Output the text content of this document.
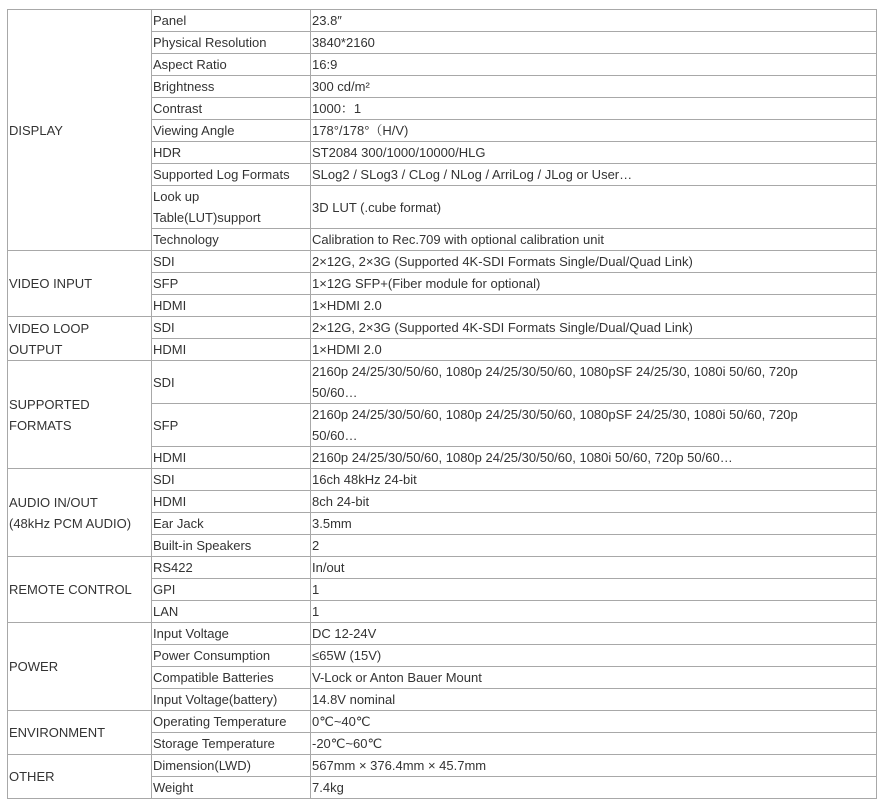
DISPLAY	Panel	23.8″
	Physical Resolution	3840*2160
	Aspect Ratio	16:9
	Brightness	300 cd/m²
	Contrast	1000：1
	Viewing Angle	178°/178°（H/V)
	HDR	ST2084 300/1000/10000/HLG
	Supported Log Formats	SLog2 / SLog3 / CLog / NLog / ArriLog / JLog or User…
	Look up
Table(LUT)support	3D LUT (.cube format)
	Technology	Calibration to Rec.709 with optional calibration unit
VIDEO INPUT	SDI	2×12G, 2×3G (Supported 4K-SDI Formats Single/Dual/Quad Link)
	SFP	1×12G SFP+(Fiber module for optional)
	HDMI	1×HDMI 2.0
VIDEO LOOP
OUTPUT	SDI	2×12G, 2×3G (Supported 4K-SDI Formats Single/Dual/Quad Link)
	HDMI	1×HDMI 2.0
SUPPORTED
FORMATS	SDI	2160p 24/25/30/50/60, 1080p 24/25/30/50/60, 1080pSF 24/25/30, 1080i 50/60, 720p
50/60…
	SFP	2160p 24/25/30/50/60, 1080p 24/25/30/50/60, 1080pSF 24/25/30, 1080i 50/60, 720p
50/60…
	HDMI	2160p 24/25/30/50/60, 1080p 24/25/30/50/60, 1080i 50/60, 720p 50/60…
AUDIO IN/OUT
(48kHz PCM AUDIO)	SDI	16ch 48kHz 24-bit
	HDMI	8ch 24-bit
	Ear Jack	3.5mm
	Built-in Speakers	2
REMOTE CONTROL	RS422	In/out
	GPI	1
	LAN	1
POWER	Input Voltage	DC 12-24V
	Power Consumption	≤65W (15V)
	Compatible Batteries	V-Lock or Anton Bauer Mount
	Input Voltage(battery)	14.8V nominal
ENVIRONMENT	Operating Temperature	0℃~40℃
	Storage Temperature	-20℃~60℃
OTHER	Dimension(LWD)	567mm × 376.4mm × 45.7mm
	Weight	7.4kg
